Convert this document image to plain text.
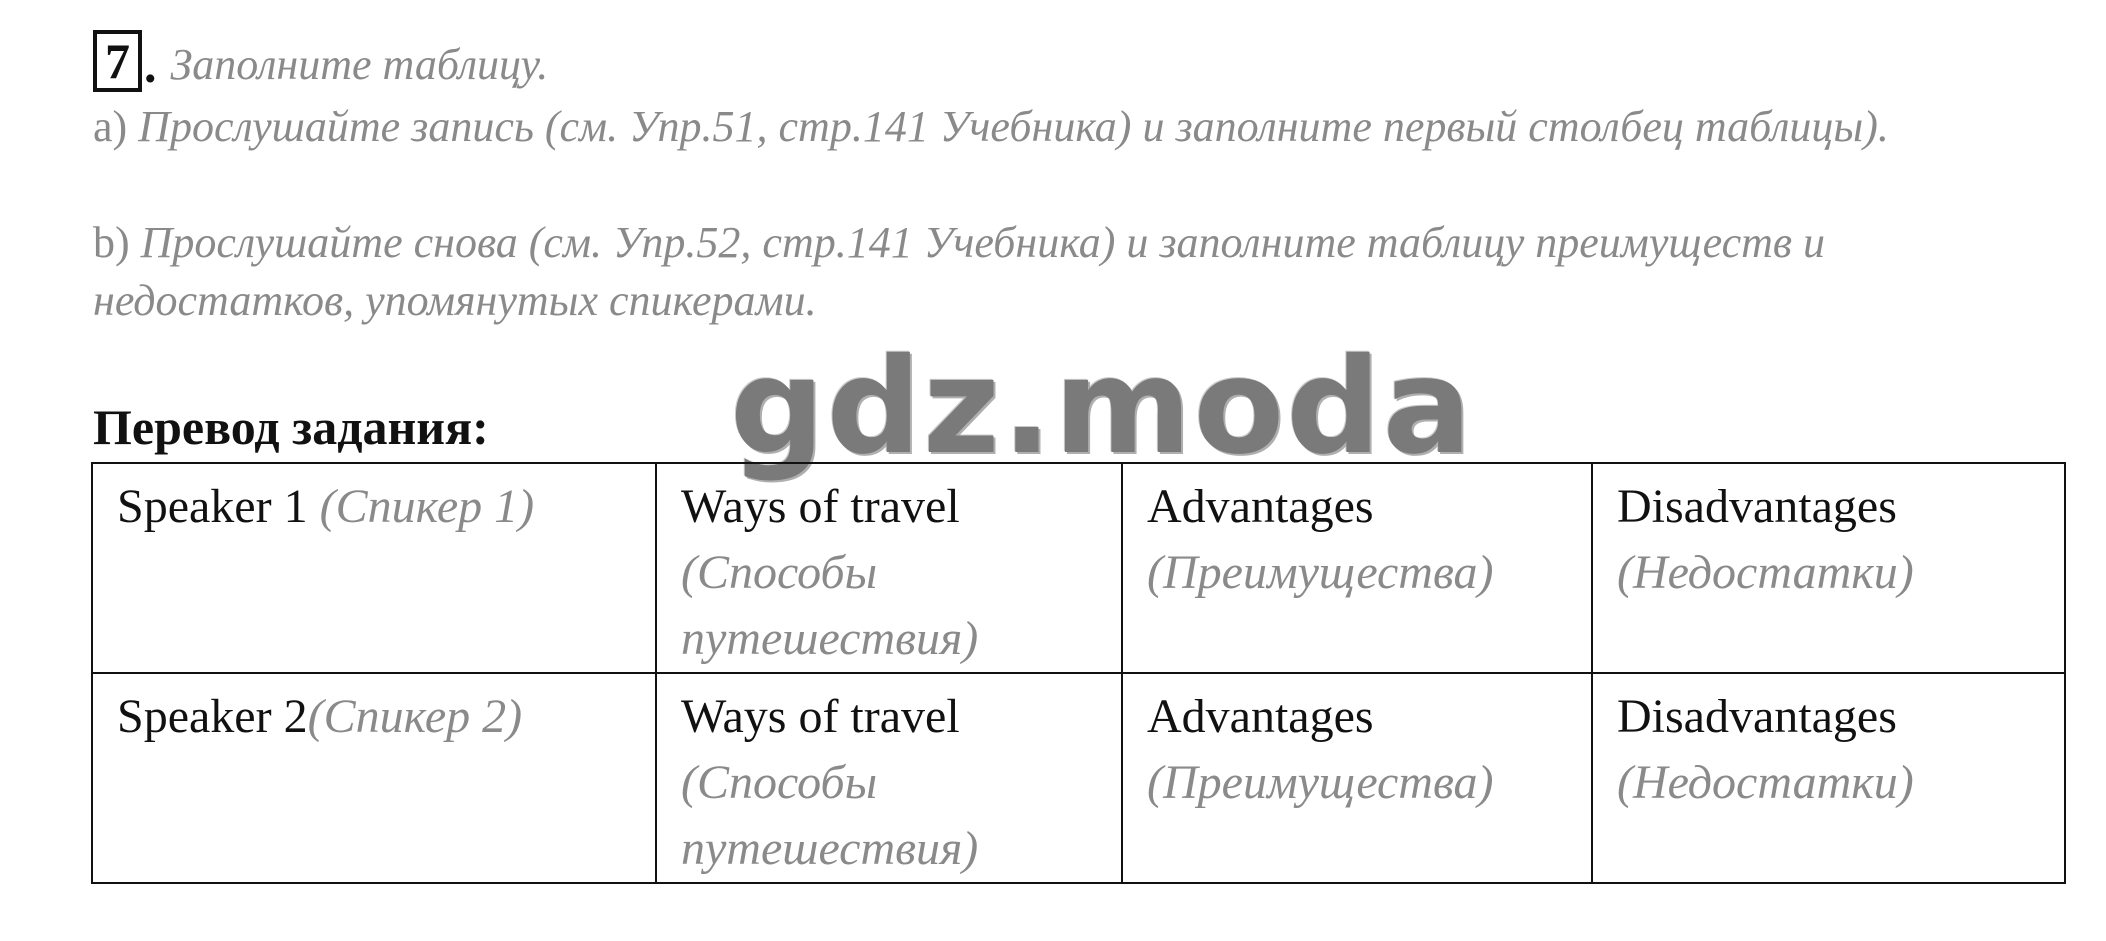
7 . Заполните таблицу.
a) Прослушайте запись (см. Упр.51, стр.141 Учебника) и заполните первый столбец таблицы).
b) Прослушайте снова (см. Упр.52, стр.141 Учебника) и заполните таблицу преимуществ и недостатков, упомянутых спикерами.
Перевод задания: gdz.moda
Speaker 1 (Спикер 1)	Ways of travel (Способы путешествия)	Advantages (Преимущества)	Disadvantages (Недостатки)
Speaker 2(Спикер 2)	Ways of travel (Способы путешествия)	Advantages (Преимущества)	Disadvantages (Недостатки)
